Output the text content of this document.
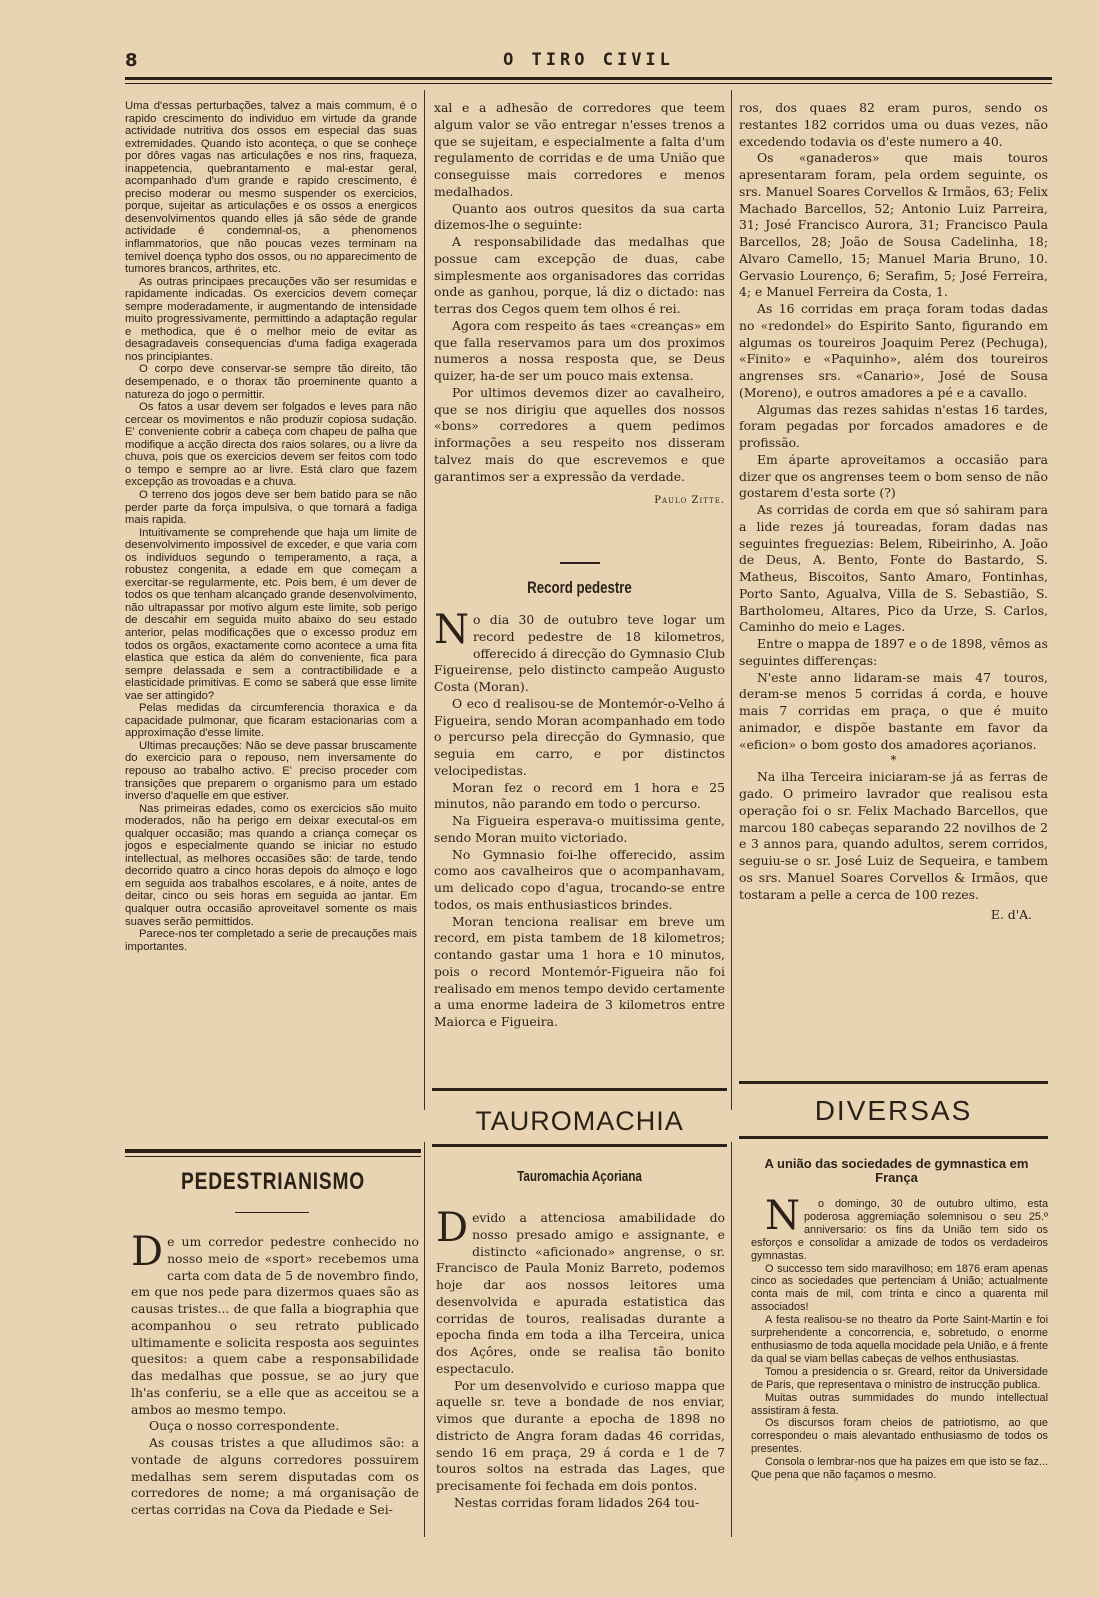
8	O TIRO CIVIL

Uma d'essas perturbações, talvez a mais commum, é o rapido crescimento do individuo em virtude da grande actividade nutritiva dos ossos em especial das suas extremidades. Quando isto aconteça, o que se conheçe por dôres vagas nas articulações e nos rins, fraqueza, inappetencia, quebrantamento e mal-estar geral, acompanhado d'um grande e rapido crescimento, é preciso moderar ou mesmo suspender os exercicios, porque, sujeitar as articulações e os ossos a energicos desenvolvimentos quando elles já são séde de grande actividade é condemnal-os, a phenomenos inflammatorios, que não poucas vezes terminam na temivel doença typho dos ossos, ou no apparecimento de tumores brancos, arthrites, etc.

As outras principaes precauções vão ser resumidas e rapidamente indicadas. Os exercicios devem começar sempre moderadamente, ir augmentando de intensidade muito progressivamente, permittindo a adaptação regular e methodica, que é o melhor meio de evitar as desagradaveis consequencias d'uma fadiga exagerada nos principiantes.

O corpo deve conservar-se sempre tão direito, tão desempenado, e o thorax tão proeminente quanto a natureza do jogo o permittir.

Os fatos a usar devem ser folgados e leves para não cercear os movimentos e não produzir copiosa sudação. E' conveniente cobrir a cabeça com chapeu de palha que modifique a acção directa dos raios solares, ou a livre da chuva, pois que os exercicios devem ser feitos com todo o tempo e sempre ao ar livre. Está claro que fazem excepção as trovoadas e a chuva.

O terreno dos jogos deve ser bem batido para se não perder parte da força impulsiva, o que tornará a fadiga mais rapida.

Intuitivamente se comprehende que haja um limite de desenvolvimento impossivel de exceder, e que varia com os individuos segundo o temperamento, a raça, a robustez congenita, a edade em que começam a exercitar-se regularmente, etc. Pois bem, é um dever de todos os que tenham alcançado grande desenvolvimento, não ultrapassar por motivo algum este limite, sob perigo de descahir em seguida muito abaixo do seu estado anterior, pelas modificações que o excesso produz em todos os orgãos, exactamente como acontece a uma fita elastica que estica da além do conveniente, fica para sempre delassada e sem a contractibilidade e a elasticidade primitivas. E como se saberá que esse limite vae ser attingido?

Pelas medidas da circumferencia thoraxica e da capacidade pulmonar, que ficaram estacionarias com a approximação d'esse limite.

Ultimas precauções: Não se deve passar bruscamente do exercicio para o repouso, nem inversamente do repouso ao trabalho activo. E' preciso proceder com transições que preparem o organismo para um estado inverso d'aquelle em que estiver.

Nas primeiras edades, como os exercicios são muito moderados, não ha perigo em deixar executal-os em qualquer occasião; mas quando a criança começar os jogos e especialmente quando se iniciar no estudo intellectual, as melhores occasiões são: de tarde, tendo decorrido quatro a cinco horas depois do almoço e logo em seguida aos trabalhos escolares, e á noite, antes de deitar, cinco ou seis horas em seguida ao jantar. Em qualquer outra occasião aproveitavel somente os mais suaves serão permittidos.

Parece-nos ter completado a serie de precauções mais importantes.

PEDESTRIANISMO

De um corredor pedestre conhecido no nosso meio de «sport» recebemos uma carta com data de 5 de novembro findo, em que nos pede para dizermos quaes são as causas tristes... de que falla a biographia que acompanhou o seu retrato publicado ultimamente e solicita resposta aos seguintes quesitos: a quem cabe a responsabilidade das medalhas que possue, se ao jury que lh'as conferiu, se a elle que as acceitou se a ambos ao mesmo tempo.

Ouça o nosso correspondente.

As cousas tristes a que alludimos são: a vontade de alguns corredores possuirem medalhas sem serem disputadas com os corredores de nome; a má organisação de certas corridas na Cova da Piedade e Sei-

xal e a adhesão de corredores que teem algum valor se vão entregar n'esses trenos a que se sujeitam, e especialmente a falta d'um regulamento de corridas e de uma União que conseguisse mais corredores e menos medalhados.

Quanto aos outros quesitos da sua carta dizemos-lhe o seguinte:

A responsabilidade das medalhas que possue cam excepção de duas, cabe simplesmente aos organisadores das corridas onde as ganhou, porque, lá diz o dictado: nas terras dos Cegos quem tem olhos é rei.

Agora com respeito ás taes «creanças» em que falla reservamos para um dos proximos numeros a nossa resposta que, se Deus quizer, ha-de ser um pouco mais extensa.

Por ultimos devemos dizer ao cavalheiro, que se nos dirigiu que aquelles dos nossos «bons» corredores a quem pedimos informações a seu respeito nos disseram talvez mais do que escrevemos e que garantimos ser a expressão da verdade.

Paulo Zitte.

Record pedestre

No dia 30 de outubro teve logar um record pedestre de 18 kilometros, offerecido á direcção do Gymnasio Club Figueirense, pelo distincto campeão Augusto Costa (Moran).

O eco d realisou-se de Montemór-o-Velho á Figueira, sendo Moran acompanhado em todo o percurso pela direcção do Gymnasio, que seguia em carro, e por distinctos velocipedistas.

Moran fez o record em 1 hora e 25 minutos, não parando em todo o percurso.

Na Figueira esperava-o muitissima gente, sendo Moran muito victoriado.

No Gymnasio foi-lhe offerecido, assim como aos cavalheiros que o acompanhavam, um delicado copo d'agua, trocando-se entre todos, os mais enthusiasticos brindes.

Moran tenciona realisar em breve um record, em pista tambem de 18 kilometros; contando gastar uma 1 hora e 10 minutos, pois o record Montemór-Figueira não foi realisado em menos tempo devido certamente a uma enorme ladeira de 3 kilometros entre Maiorca e Figueira.

TAUROMACHIA
Tauromachia Açoriana

Devido a attenciosa amabilidade do nosso presado amigo e assignante, e distincto «aficionado» angrense, o sr. Francisco de Paula Moniz Barreto, podemos hoje dar aos nossos leitores uma desenvolvida e apurada estatistica das corridas de touros, realisadas durante a epocha finda em toda a ilha Terceira, unica dos Açôres, onde se realisa tão bonito espectaculo.

Por um desenvolvido e curioso mappa que aquelle sr. teve a bondade de nos enviar, vimos que durante a epocha de 1898 no districto de Angra foram dadas 46 corridas, sendo 16 em praça, 29 á corda e 1 de 7 touros soltos na estrada das Lages, que precisamente foi fechada em dois pontos.

Nestas corridas foram lidados 264 tou-

ros, dos quaes 82 eram puros, sendo os restantes 182 corridos uma ou duas vezes, não excedendo todavia os d'este numero a 40.

Os «ganaderos» que mais touros apresentaram foram, pela ordem seguinte, os srs. Manuel Soares Corvellos & Irmãos, 63; Felix Machado Barcellos, 52; Antonio Luiz Parreira, 31; José Francisco Aurora, 31; Francisco Paula Barcellos, 28; João de Sousa Cadelinha, 18; Alvaro Camello, 15; Manuel Maria Bruno, 10. Gervasio Lourenço, 6; Serafim, 5; José Ferreira, 4; e Manuel Ferreira da Costa, 1.

As 16 corridas em praça foram todas dadas no «redondel» do Espirito Santo, figurando em algumas os toureiros Joaquim Perez (Pechuga), «Finito» e «Paquinho», além dos toureiros angrenses srs. «Canario», José de Sousa (Moreno), e outros amadores a pé e a cavallo.

Algumas das rezes sahidas n'estas 16 tardes, foram pegadas por forcados amadores e de profissão.

Em áparte aproveitamos a occasião para dizer que os angrenses teem o bom senso de não gostarem d'esta sorte (?)

As corridas de corda em que só sahiram para a lide rezes já toureadas, foram dadas nas seguintes freguezias: Belem, Ribeirinho, A. João de Deus, A. Bento, Fonte do Bastardo, S. Matheus, Biscoitos, Santo Amaro, Fontinhas, Porto Santo, Agualva, Villa de S. Sebastião, S. Bartholomeu, Altares, Pico da Urze, S. Carlos, Caminho do meio e Lages.

Entre o mappa de 1897 e o de 1898, vêmos as seguintes differenças:

N'este anno lidaram-se mais 47 touros, deram-se menos 5 corridas á corda, e houve mais 7 corridas em praça, o que é muito animador, e dispõe bastante em favor da «eficion» o bom gosto dos amadores açorianos.

*

Na ilha Terceira iniciaram-se já as ferras de gado. O primeiro lavrador que realisou esta operação foi o sr. Felix Machado Barcellos, que marcou 180 cabeças separando 22 novilhos de 2 e 3 annos para, quando adultos, serem corridos, seguiu-se o sr. José Luiz de Sequeira, e tambem os srs. Manuel Soares Corvellos & Irmãos, que tostaram a pelle a cerca de 100 rezes.

E. d'A.

DIVERSAS
A união das sociedades de gymnastica em França

N o domingo, 30 de outubro ultimo, esta poderosa aggremiação solemnisou o seu 25.º anniversario: os fins da União tem sido os esforços e consolidar a amizade de todos os verdadeiros gymnastas.

O successo tem sido maravilhoso; em 1876 eram apenas cinco as sociedades que pertenciam á União; actualmente conta mais de mil, com trinta e cinco a quarenta mil associados!

A festa realisou-se no theatro da Porte Saint-Martin e foi surprehendente a concorrencia, e, sobretudo, o enorme enthusiasmo de toda aquella mocidade pela União, e á frente da qual se viam bellas cabeças de velhos enthusiastas.

Tomou a presidencia o sr. Greard, reitor da Universidade de Paris, que representava o ministro de instrucção publica.

Muitas outras summidades do mundo intellectual assistiram á festa.

Os discursos foram cheios de patriotismo, ao que correspondeu o mais alevantado enthusiasmo de todos os presentes.

Consola o lembrar-nos que ha paizes em que isto se faz... Que pena que não façamos o mesmo.
